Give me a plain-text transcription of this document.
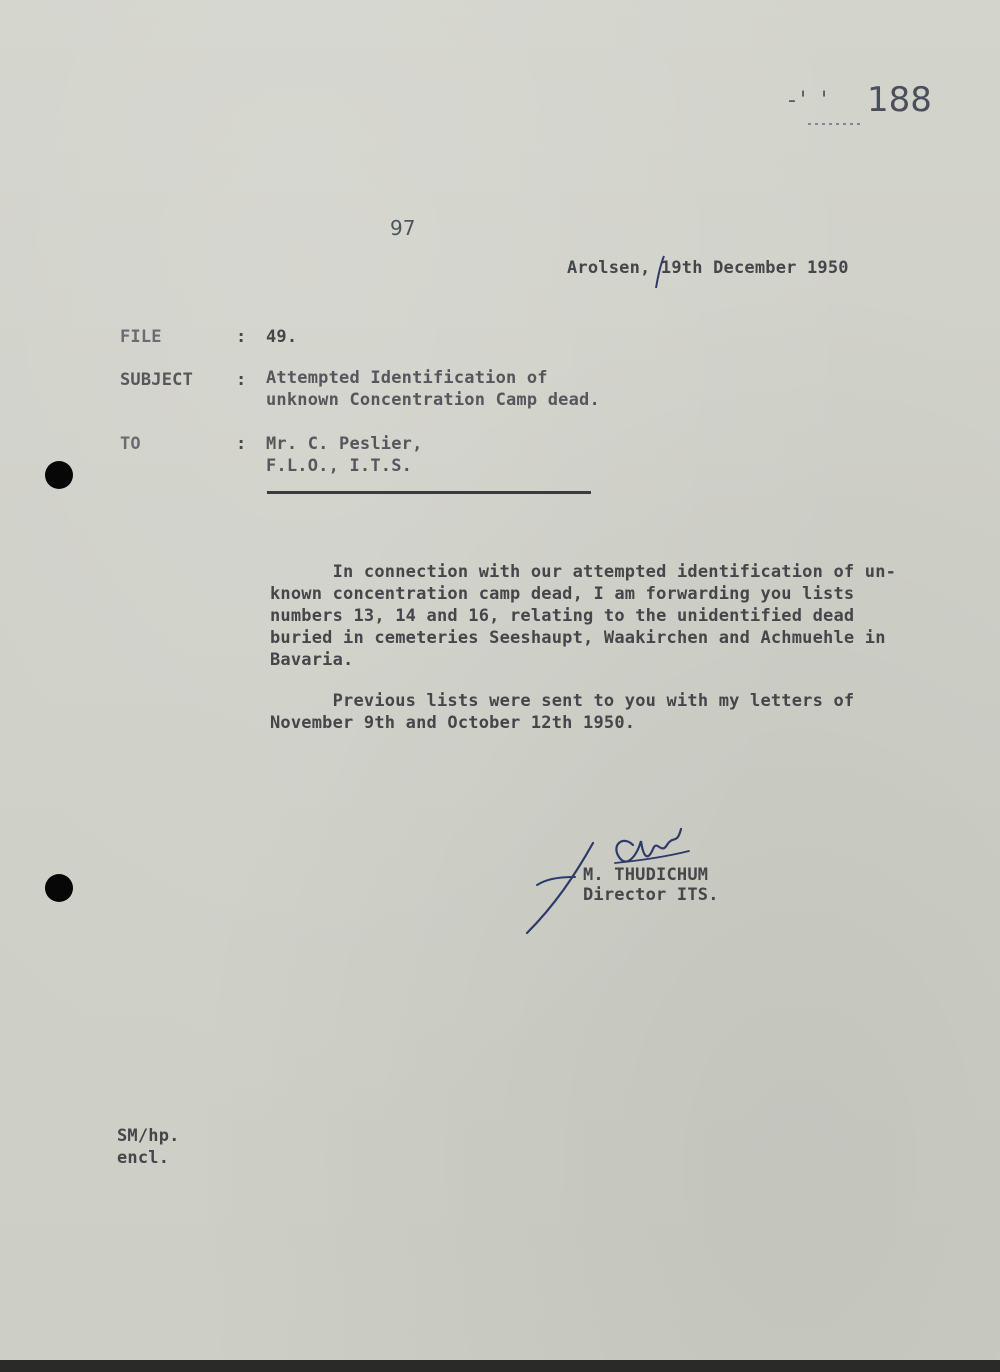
-' ' 188
97
Arolsen, 19th December 1950
FILE	: 49.
SUBJECT	: Attempted Identification of
unknown Concentration Camp dead.
TO	: Mr. C. Peslier,
F.L.O., I.T.S.
In connection with our attempted identification of un-
known concentration camp dead, I am forwarding you lists
numbers 13, 14 and 16, relating to the unidentified dead
buried in cemeteries Seeshaupt, Waakirchen and Achmuehle in
Bavaria.
Previous lists were sent to you with my letters of
November 9th and October 12th 1950.
M. THUDICHUM
Director ITS.
SM/hp.
encl.
